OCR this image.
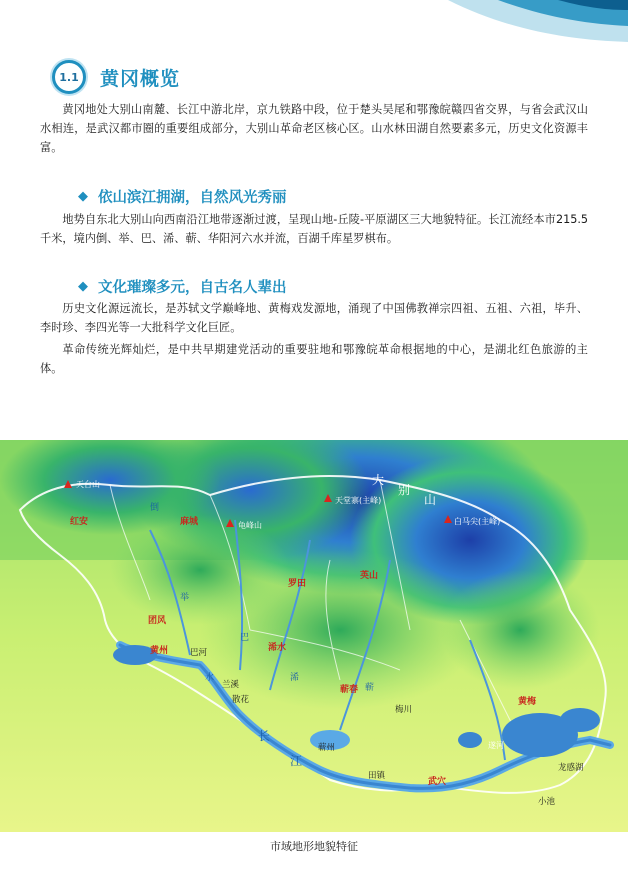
1.1 黄冈概览

黄冈地处大别山南麓、长江中游北岸，京九铁路中段，位于楚头吴尾和鄂豫皖赣四省交界，与省会武汉山水相连，是武汉都市圈的重要组成部分，大别山革命老区核心区。山水林田湖自然要素多元，历史文化资源丰富。

◆ 依山滨江拥湖，自然风光秀丽

地势自东北大别山向西南沿江地带逐渐过渡，呈现山地-丘陵-平原湖区三大地貌特征。长江流经本市215.5千米，境内倒、举、巴、浠、蕲、华阳河六水并流，百湖千库星罗棋布。

◆ 文化璀璨多元，自古名人辈出

历史文化源远流长，是苏轼文学巅峰地、黄梅戏发源地，涌现了中国佛教禅宗四祖、五祖、六祖，毕升、李时珍、李四光等一大批科学文化巨匠。

革命传统光辉灿烂，是中共早期建党活动的重要驻地和鄂豫皖革命根据地的中心，是湖北红色旅游的主体。

天台山
龟峰山
天堂寨(主峰)
白马尖(主峰)
大
别
山
长
江
举
倒
巴
水	浠
蕲
遂河
红安	麻城
罗田
英山
团风
黄州	浠水
蕲春
黄梅
武穴
巴河
兰溪
散花
梅川
蕲州
田镇
龙感湖
小池
市域地形地貌特征
